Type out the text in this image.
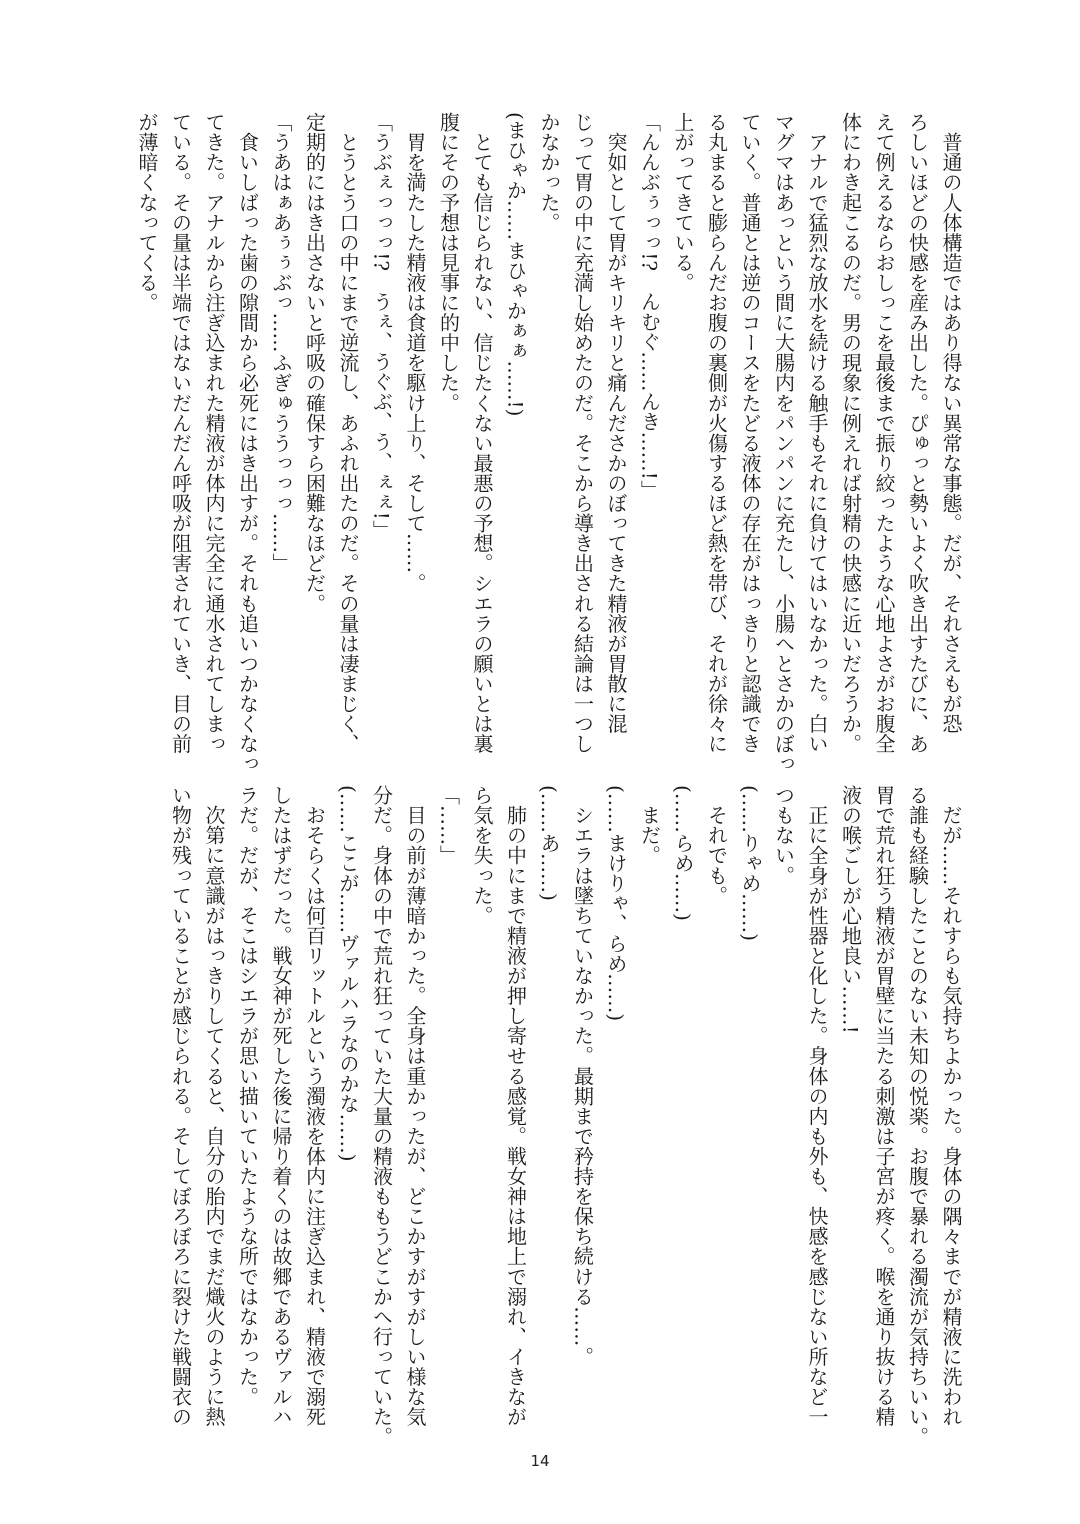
　普通の人体構造ではあり得ない異常な事態。だが、それさえもが恐
ろしいほどの快感を産み出した。ぴゅっと勢いよく吹き出すたびに、あ
えて例えるならおしっこを最後まで振り絞ったような心地よさがお腹全
体にわき起こるのだ。男の現象に例えれば射精の快感に近いだろうか。
　アナルで猛烈な放水を続ける触手もそれに負けてはいなかった。白い
マグマはあっという間に大腸内をパンパンに充たし、小腸へとさかのぼっ
ていく。普通とは逆のコースをたどる液体の存在がはっきりと認識でき
る丸まると膨らんだお腹の裏側が火傷するほど熱を帯び、それが徐々に
上がってきている。
「んんぶぅっっ!?　んむぐ……んき……!」
　突如として胃がキリキリと痛んださかのぼってきた精液が胃散に混
じって胃の中に充満し始めたのだ。そこから導き出される結論は一つし
かなかった。
(まひゃか……まひゃかぁぁ……!)
　とても信じられない、信じたくない最悪の予想。シエラの願いとは裏
腹にその予想は見事に的中した。
　胃を満たした精液は食道を駆け上り、そして……。
「うぶぇっっっ!?　うぇ、うぐぶ、う、ぇぇ!」
　とうとう口の中にまで逆流し、あふれ出たのだ。その量は凄まじく、
定期的にはき出さないと呼吸の確保すら困難なほどだ。
「うあはぁあぅぅぶっ……ふぎゅううっっっ……」
　食いしばった歯の隙間から必死にはき出すが。それも追いつかなくなっ
てきた。アナルから注ぎ込まれた精液が体内に完全に通水されてしまっ
ている。その量は半端ではないだんだん呼吸が阻害されていき、目の前
が薄暗くなってくる。
　だが……それすらも気持ちよかった。身体の隅々までが精液に洗われ
る誰も経験したことのない未知の悦楽。お腹で暴れる濁流が気持ちいい。
胃で荒れ狂う精液が胃壁に当たる刺激は子宮が疼く。喉を通り抜ける精
液の喉ごしが心地良い……!
　正に全身が性器と化した。身体の内も外も、快感を感じない所など一
つもない。
(……りゃめ……)
　それでも。
(……らめ……)
　まだ。
(……まけりゃ、らめ……)
　シエラは墜ちていなかった。最期まで矜持を保ち続ける……。
(……あ……)
　肺の中にまで精液が押し寄せる感覚。戦女神は地上で溺れ、イきなが
ら気を失った。
「……」
　目の前が薄暗かった。全身は重かったが、どこかすがすがしい様な気
分だ。身体の中で荒れ狂っていた大量の精液ももうどこかへ行っていた。
(……ここが……ヴァルハラなのかな……)
　おそらくは何百リットルという濁液を体内に注ぎ込まれ、精液で溺死
したはずだった。戦女神が死した後に帰り着くのは故郷であるヴァルハ
ラだ。だが、そこはシエラが思い描いていたような所ではなかった。
　次第に意識がはっきりしてくると、自分の胎内でまだ熾火のように熱
い物が残っていることが感じられる。そしてぼろぼろに裂けた戦闘衣の
14
